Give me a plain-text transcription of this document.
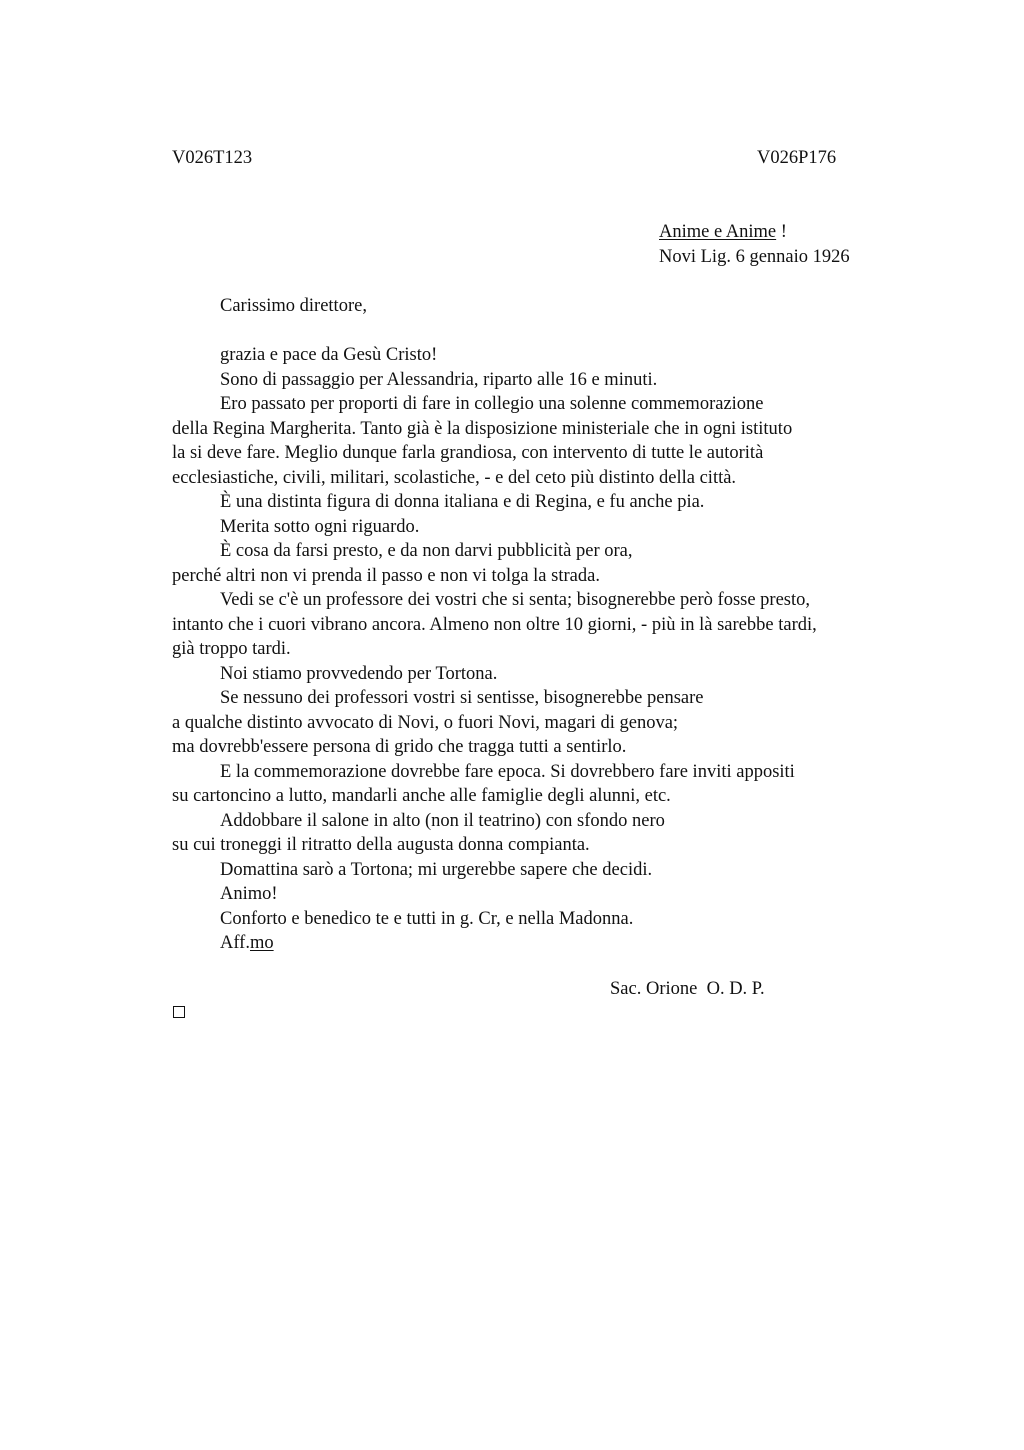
V026T123	V026P176
Anime e Anime !
Novi Lig. 6 gennaio 1926
Carissimo direttore,
grazia e pace da Gesù Cristo!
Sono di passaggio per Alessandria, riparto alle 16 e minuti.
Ero passato per proporti di fare in collegio una solenne commemorazione
della Regina Margherita. Tanto già è la disposizione ministeriale che in ogni istituto
la si deve fare. Meglio dunque farla grandiosa, con intervento di tutte le autorità
ecclesiastiche, civili, militari, scolastiche, - e del ceto più distinto della città.
È una distinta figura di donna italiana e di Regina, e fu anche pia.
Merita sotto ogni riguardo.
È cosa da farsi presto, e da non darvi pubblicità per ora,
perché altri non vi prenda il passo e non vi tolga la strada.
Vedi se c'è un professore dei vostri che si senta; bisognerebbe però fosse presto,
intanto che i cuori vibrano ancora. Almeno non oltre 10 giorni, - più in là sarebbe tardi,
già troppo tardi.
Noi stiamo provvedendo per Tortona.
Se nessuno dei professori vostri si sentisse, bisognerebbe pensare
a qualche distinto avvocato di Novi, o fuori Novi, magari di genova;
ma dovrebb'essere persona di grido che tragga tutti a sentirlo.
E la commemorazione dovrebbe fare epoca. Si dovrebbero fare inviti appositi
su cartoncino a lutto, mandarli anche alle famiglie degli alunni, etc.
Addobbare il salone in alto (non il teatrino) con sfondo nero
su cui troneggi il ritratto della augusta donna compianta.
Domattina sarò a Tortona; mi urgerebbe sapere che decidi.
Animo!
Conforto e benedico te e tutti in g. Cr, e nella Madonna.
Aff.mo
Sac. Orione  O. D. P.
